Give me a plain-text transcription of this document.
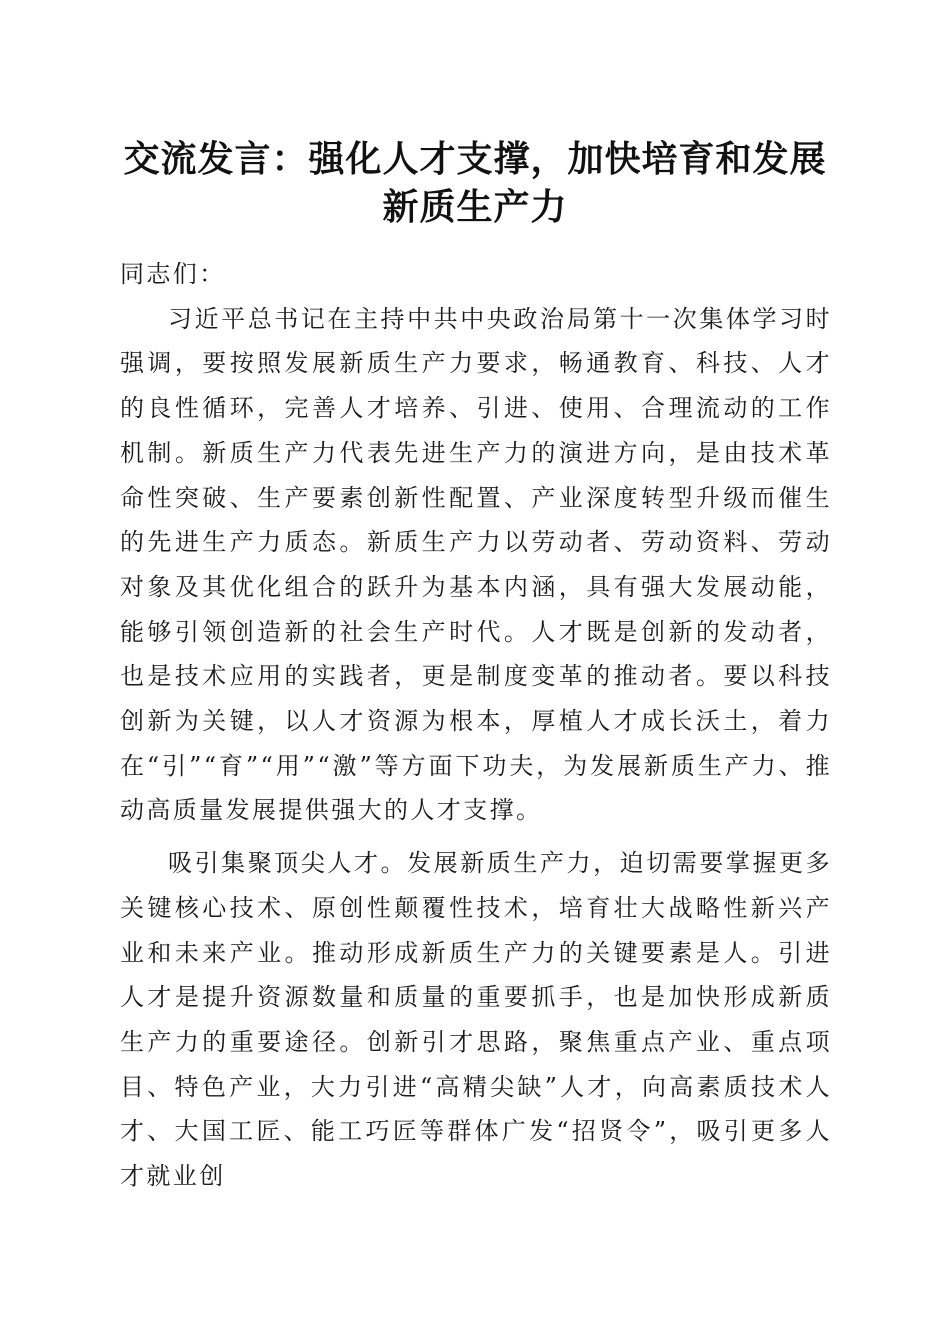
交流发言：强化人才支撑，加快培育和发展新质生产力

同志们：

习近平总书记在主持中共中央政治局第十一次集体学习时强调，要按照发展新质生产力要求，畅通教育、科技、人才的良性循环，完善人才培养、引进、使用、合理流动的工作机制。新质生产力代表先进生产力的演进方向，是由技术革命性突破、生产要素创新性配置、产业深度转型升级而催生的先进生产力质态。新质生产力以劳动者、劳动资料、劳动对象及其优化组合的跃升为基本内涵，具有强大发展动能，能够引领创造新的社会生产时代。人才既是创新的发动者，也是技术应用的实践者，更是制度变革的推动者。要以科技创新为关键，以人才资源为根本，厚植人才成长沃土，着力在“引”“育”“用”“激”等方面下功夫，为发展新质生产力、推动高质量发展提供强大的人才支撑。

吸引集聚顶尖人才。发展新质生产力，迫切需要掌握更多关键核心技术、原创性颠覆性技术，培育壮大战略性新兴产业和未来产业。推动形成新质生产力的关键要素是人。引进人才是提升资源数量和质量的重要抓手，也是加快形成新质生产力的重要途径。创新引才思路，聚焦重点产业、重点项目、特色产业，大力引进“高精尖缺”人才，向高素质技术人才、大国工匠、能工巧匠等群体广发“招贤令”，吸引更多人才就业创
